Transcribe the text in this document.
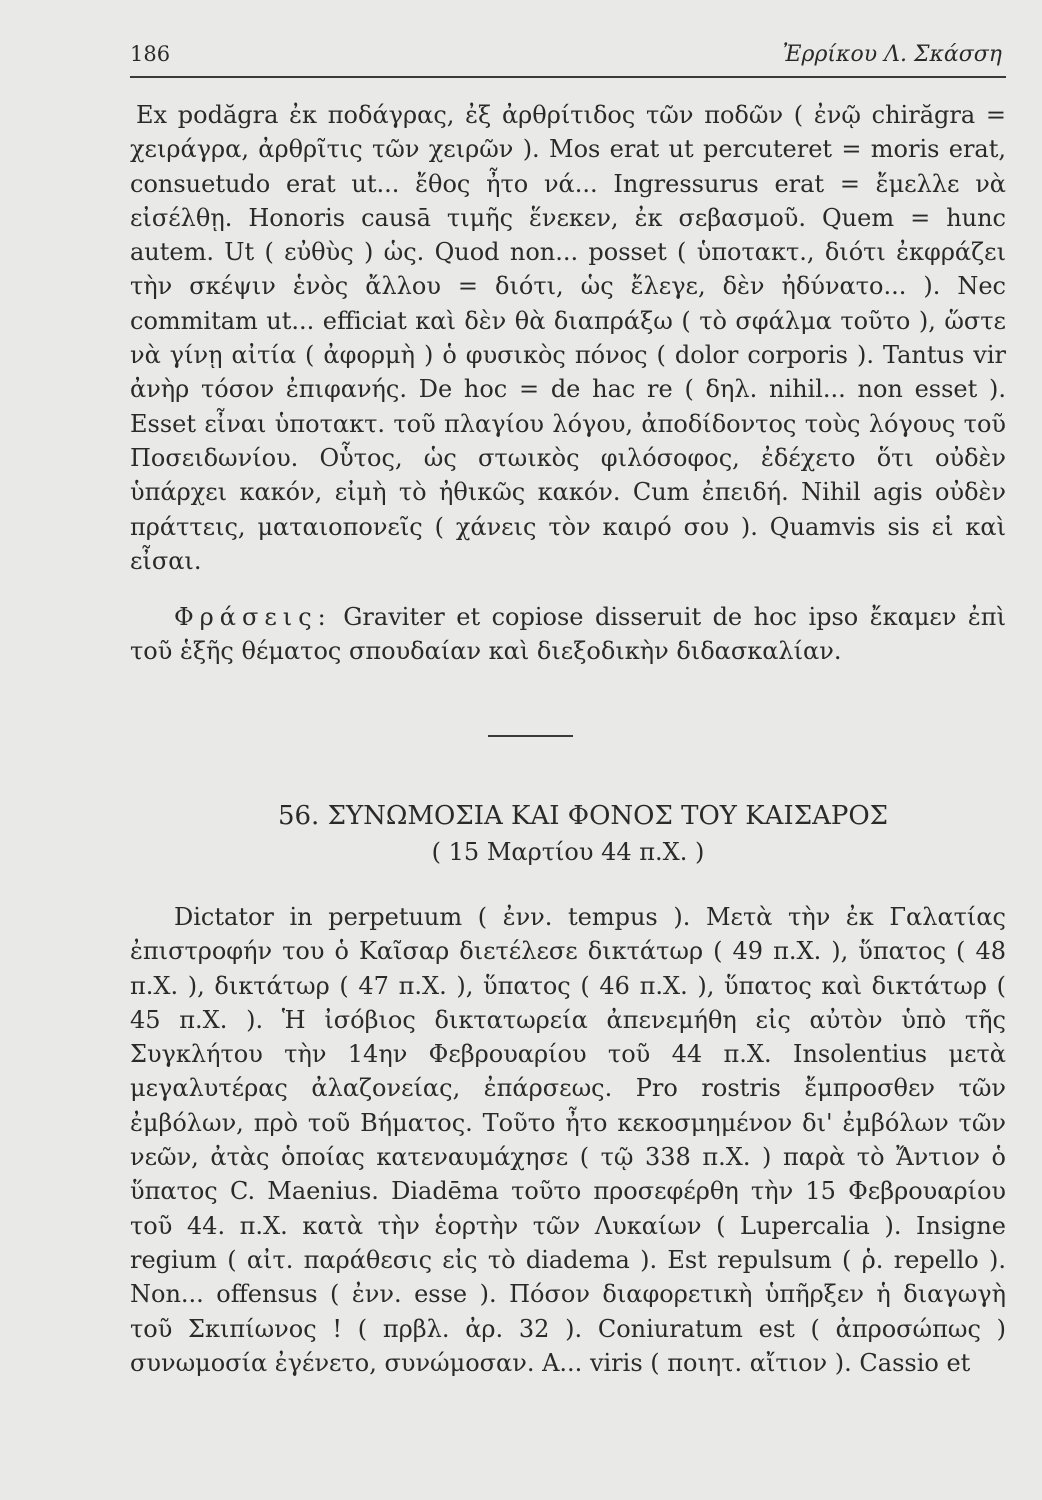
186	Ἐρρίκου Λ. Σκάσση

Ex podăgra ἐκ ποδάγρας, ἐξ ἀρθρίτιδος τῶν ποδῶν ( ἐνῷ chirăgra = χειράγρα, ἀρθρῖτις τῶν χειρῶν ). Mos erat ut percuteret = moris erat, consuetudo erat ut... ἔθος ἦτο νά... Ingressurus erat = ἔμελλε νὰ εἰσέλθῃ. Honoris causā τιμῆς ἕνεκεν, ἐκ σεβασμοῦ. Quem = hunc autem. Ut ( εὐθὺς ) ὡς. Quod non... posset ( ὑποτακτ., διότι ἐκφράζει τὴν σκέψιν ἑνὸς ἄλλου = διότι, ὡς ἔλεγε, δὲν ἠδύνατο... ). Nec commitam ut... efficiat καὶ δὲν θὰ διαπράξω ( τὸ σφάλμα τοῦτο ), ὥστε νὰ γίνῃ αἰτία ( ἀφορμὴ ) ὁ φυσικὸς πόνος ( dolor corporis ). Tantus vir ἀνὴρ τόσον ἐπιφανής. De hoc = de hac re ( δηλ. nihil... non esset ). Esset εἶναι ὑποτακτ. τοῦ πλαγίου λόγου, ἀποδίδοντος τοὺς λόγους τοῦ Ποσειδωνίου. Οὗτος, ὡς στωικὸς φιλόσοφος, ἐδέχετο ὅτι οὐδὲν ὑπάρχει κακόν, εἰμὴ τὸ ἠθικῶς κακόν. Cum ἐπειδή. Nihil agis οὐδὲν πράττεις, ματαιοπονεῖς ( χάνεις τὸν καιρό σου ). Quamvis sis εἰ καὶ εἶσαι.

Φράσεις: Graviter et copiose disseruit de hoc ipso ἔκαμεν ἐπὶ τοῦ ἑξῆς θέματος σπουδαίαν καὶ διεξοδικὴν διδασκαλίαν.

56. ΣΥΝΩΜΟΣΙΑ ΚΑΙ ΦΟΝΟΣ ΤΟΥ ΚΑΙΣΑΡΟΣ
( 15 Μαρτίου 44 π.Χ. )

Dictator in perpetuum ( ἐνν. tempus ). Μετὰ τὴν ἐκ Γαλατίας ἐπιστροφήν του ὁ Καῖσαρ διετέλεσε δικτάτωρ ( 49 π.Χ. ), ὕπατος ( 48 π.Χ. ), δικτάτωρ ( 47 π.Χ. ), ὕπατος ( 46 π.Χ. ), ὕπατος καὶ δικτάτωρ ( 45 π.Χ. ). Ἡ ἰσόβιος δικτατωρεία ἀπενεμήθη εἰς αὐτὸν ὑπὸ τῆς Συγκλήτου τὴν 14ην Φεβρουαρίου τοῦ 44 π.Χ. Insolentius μετὰ μεγαλυτέρας ἀλαζονείας, ἐπάρσεως. Pro rostris ἔμπροσθεν τῶν ἐμβόλων, πρὸ τοῦ Βήματος. Τοῦτο ἦτο κεκοσμημένον δι' ἐμβόλων τῶν νεῶν, ἀτὰς ὁποίας κατεναυμάχησε ( τῷ 338 π.Χ. ) παρὰ τὸ Ἄντιον ὁ ὕπατος C. Maenius. Diadēma τοῦτο προσεφέρθη τὴν 15 Φεβρουαρίου τοῦ 44. π.Χ. κατὰ τὴν ἑορτὴν τῶν Λυκαίων ( Lupercalia ). Insigne regium ( αἰτ. παράθεσις εἰς τὸ diadema ). Est repulsum ( ῥ. repello ). Non... offensus ( ἐνν. esse ). Πόσον διαφορετικὴ ὑπῆρξεν ἡ διαγωγὴ τοῦ Σκιπίωνος ! ( πρβλ. ἀρ. 32 ). Coniuratum est ( ἀπροσώπως ) συνωμοσία ἐγένετο, συνώμοσαν. A... viris ( ποιητ. αἴτιον ). Cassio et
